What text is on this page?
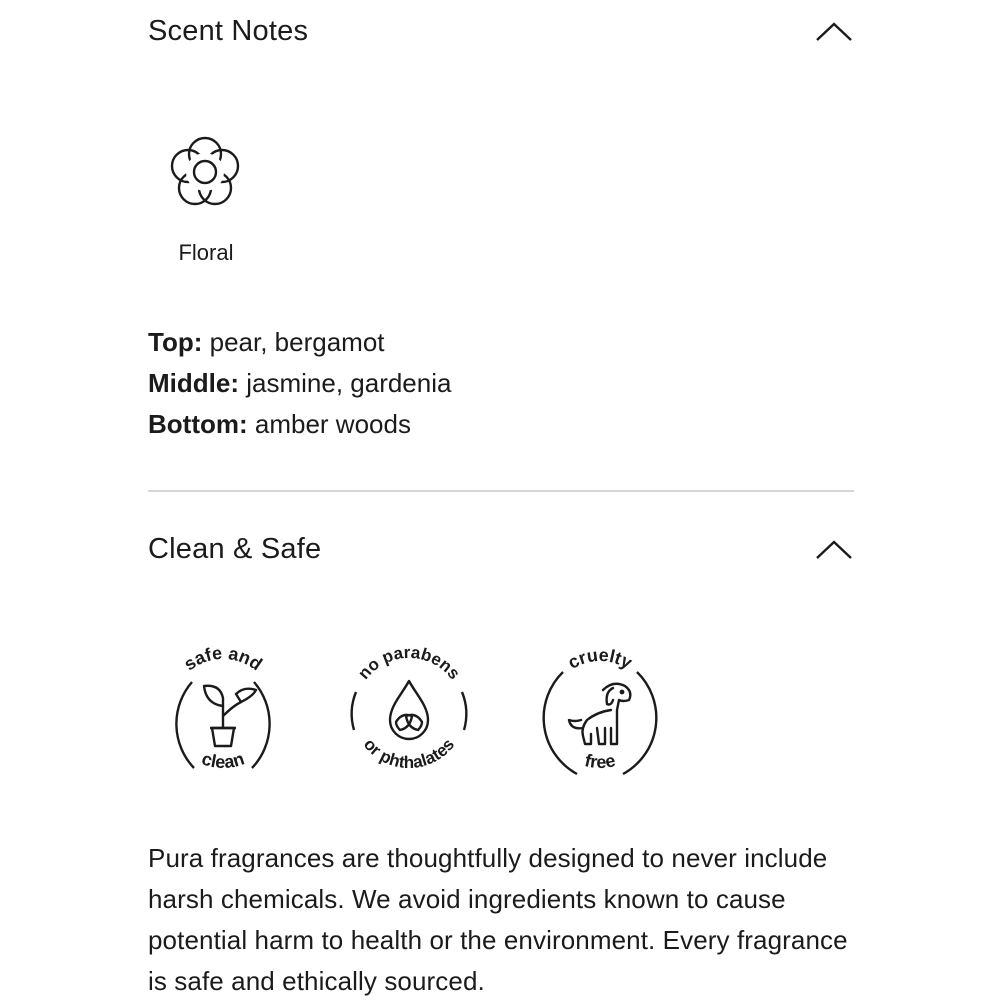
Scent Notes
Floral
Top: pear, bergamot
Middle: jasmine, gardenia
Bottom: amber woods
Clean & Safe
safe and
clean
no parabens
or phthalates
cruelty
free
Pura fragrances are thoughtfully designed to never include harsh chemicals. We avoid ingredients known to cause potential harm to health or the environment. Every fragrance is safe and ethically sourced.
